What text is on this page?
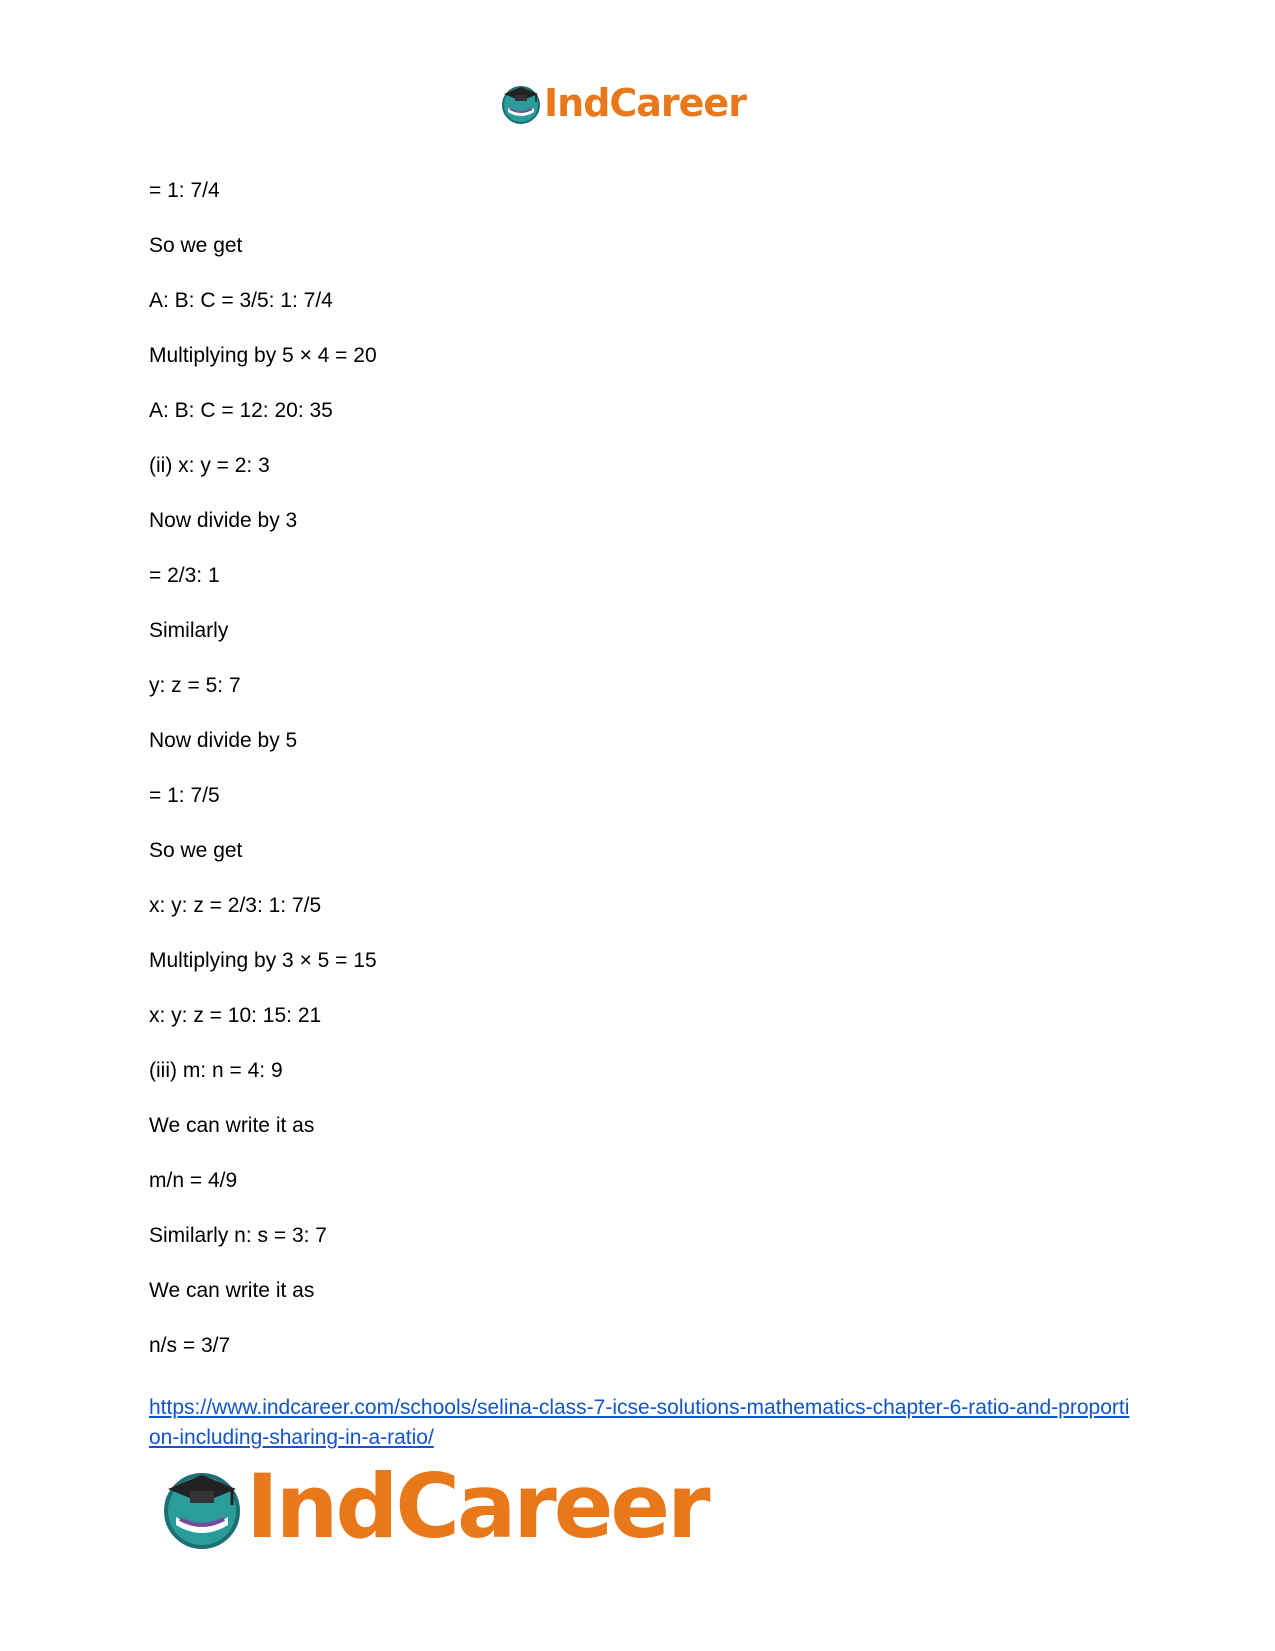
IndCareer
= 1: 7/4
So we get
A: B: C = 3/5: 1: 7/4
Multiplying by 5 × 4 = 20
A: B: C = 12: 20: 35
(ii) x: y = 2: 3
Now divide by 3
= 2/3: 1
Similarly
y: z = 5: 7
Now divide by 5
= 1: 7/5
So we get
x: y: z = 2/3: 1: 7/5
Multiplying by 3 × 5 = 15
x: y: z = 10: 15: 21
(iii) m: n = 4: 9
We can write it as
m/n = 4/9
Similarly n: s = 3: 7
We can write it as
n/s = 3/7
https://www.indcareer.com/schools/selina-class-7-icse-solutions-mathematics-chapter-6-ratio-and-proportion-including-sharing-in-a-ratio/
IndCareer
